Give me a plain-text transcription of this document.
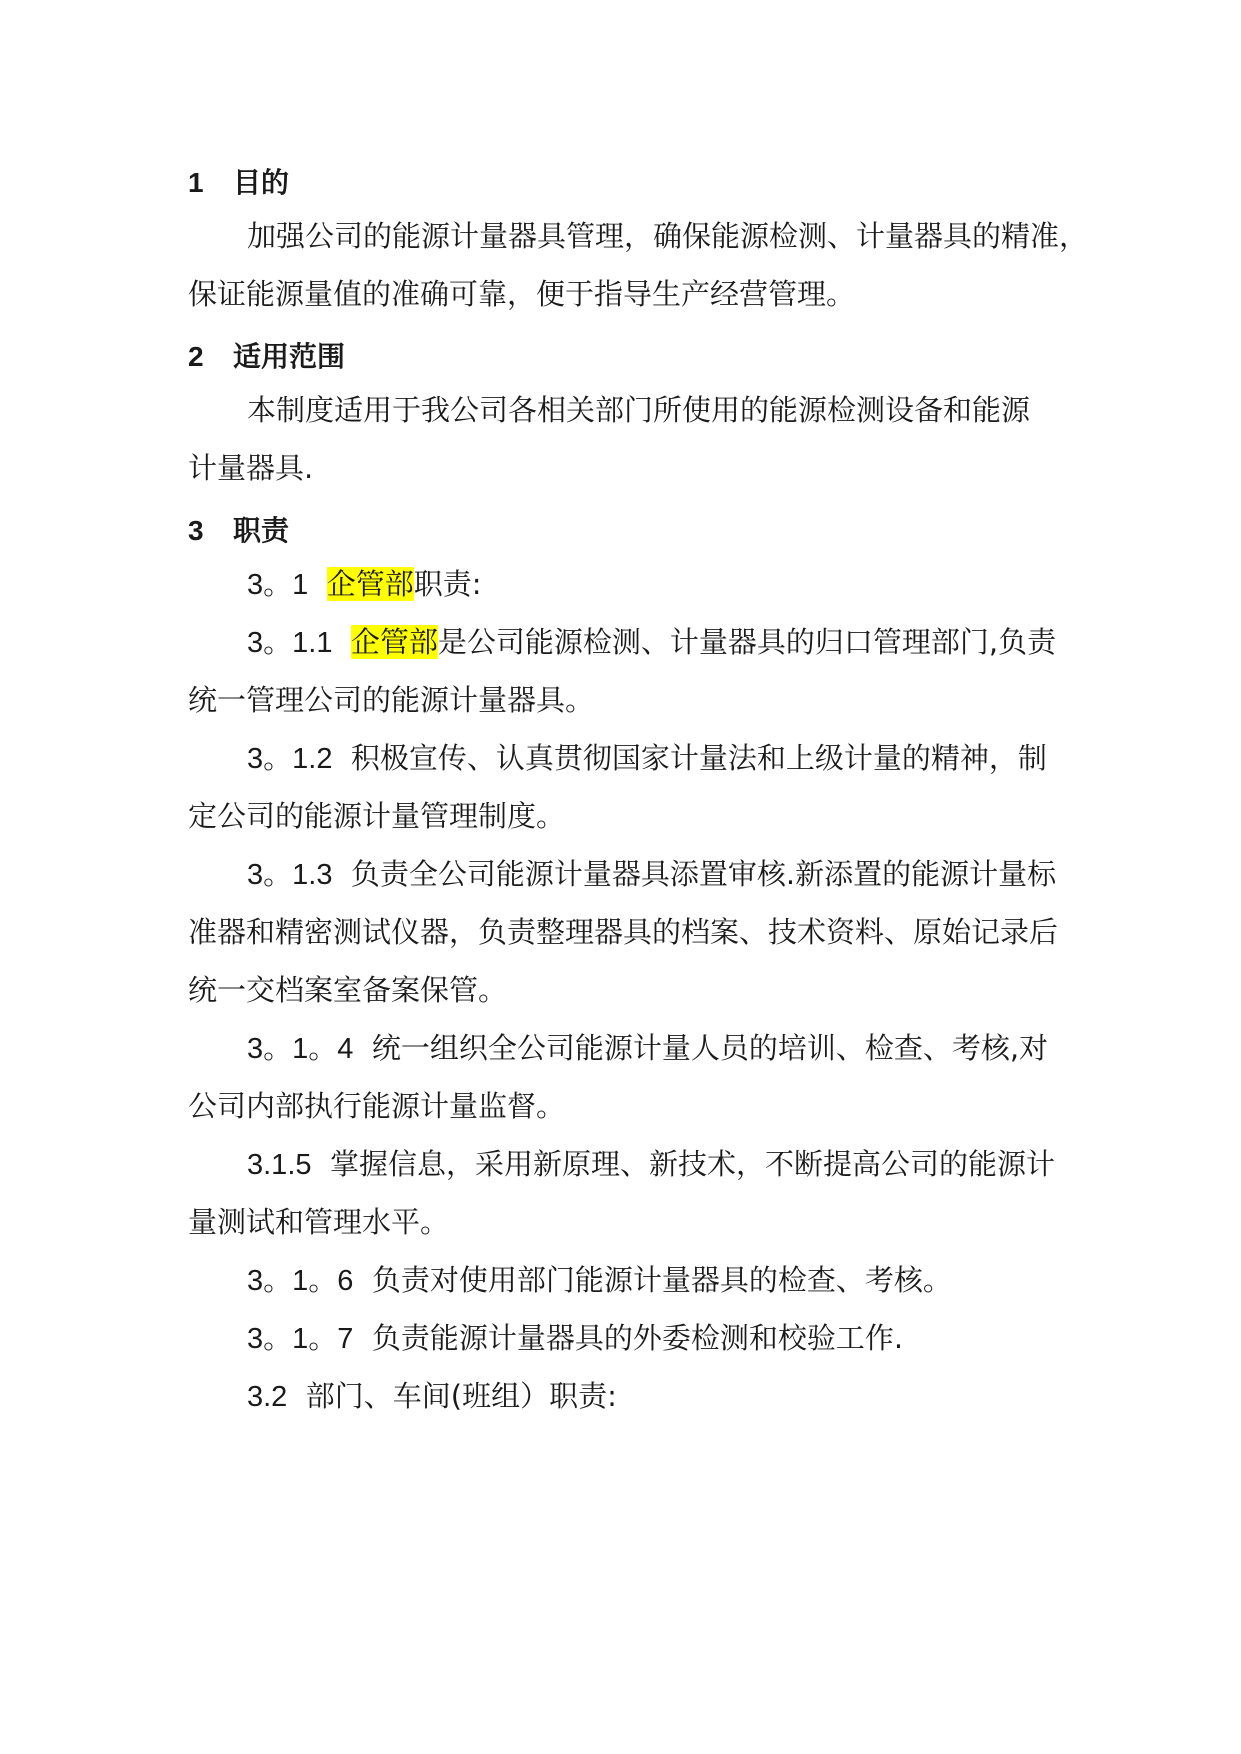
1 目的
加强公司的能源计量器具管理，确保能源检测、计量器具的精准，
保证能源量值的准确可靠，便于指导生产经营管理。
2 适用范围
本制度适用于我公司各相关部门所使用的能源检测设备和能源
计量器具.
3 职责
3。1 企管部职责:
3。1.1 企管部是公司能源检测、计量器具的归口管理部门,负责
统一管理公司的能源计量器具。
3。1.2 积极宣传、认真贯彻国家计量法和上级计量的精神，制
定公司的能源计量管理制度。
3。1.3 负责全公司能源计量器具添置审核.新添置的能源计量标
准器和精密测试仪器，负责整理器具的档案、技术资料、原始记录后
统一交档案室备案保管。
3。1。4 统一组织全公司能源计量人员的培训、检查、考核,对
公司内部执行能源计量监督。
3.1.5 掌握信息，采用新原理、新技术，不断提高公司的能源计
量测试和管理水平。
3。1。6 负责对使用部门能源计量器具的检查、考核。
3。1。7 负责能源计量器具的外委检测和校验工作.
3.2 部门、车间(班组）职责:
